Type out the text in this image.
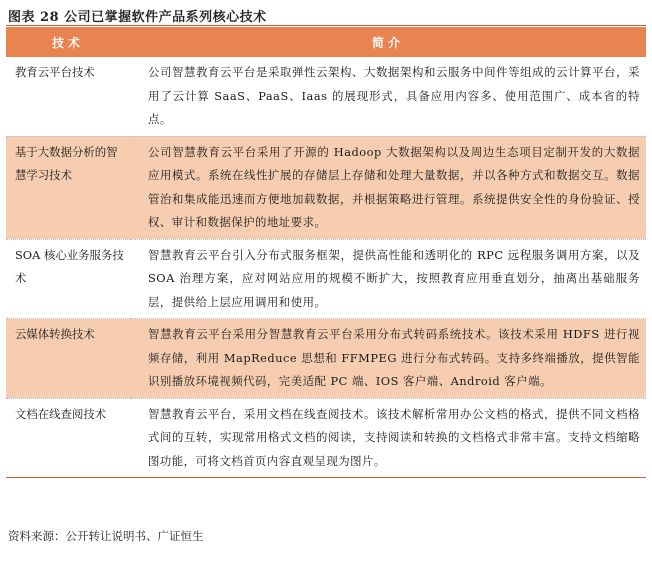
图表 28 公司已掌握软件产品系列核心技术
技术	简介
教育云平台技术	公司智慧教育云平台是采取弹性云架构、大数据架构和云服务中间件等组成的云计算平台，采用了云计算 SaaS、PaaS、Iaas 的展现形式，具备应用内容多、使用范围广、成本省的特点。
基于大数据分析的智慧学习技术	公司智慧教育云平台采用了开源的 Hadoop 大数据架构以及周边生态项目定制开发的大数据应用模式。系统在线性扩展的存储层上存储和处理大量数据，并以各种方式和数据交互。数据管治和集成能迅速而方便地加载数据，并根据策略进行管理。系统提供安全性的身份验证、授权、审计和数据保护的地址要求。
SOA 核心业务服务技术	智慧教育云平台引入分布式服务框架，提供高性能和透明化的 RPC 远程服务调用方案，以及 SOA 治理方案，应对网站应用的规模不断扩大，按照教育应用垂直划分，抽离出基础服务层，提供给上层应用调用和使用。
云媒体转换技术	智慧教育云平台采用分智慧教育云平台采用分布式转码系统技术。该技术采用 HDFS 进行视频存储，利用 MapReduce 思想和 FFMPEG 进行分布式转码。支持多终端播放，提供智能识别播放环境视频代码，完美适配 PC 端、IOS 客户端、Android 客户端。
文档在线查阅技术	智慧教育云平台，采用文档在线查阅技术。该技术解析常用办公文档的格式，提供不同文档格式间的互转，实现常用格式文档的阅读，支持阅读和转换的文档格式非常丰富。支持文档缩略图功能，可将文档首页内容直观呈现为图片。
资料来源：公开转让说明书、广证恒生
